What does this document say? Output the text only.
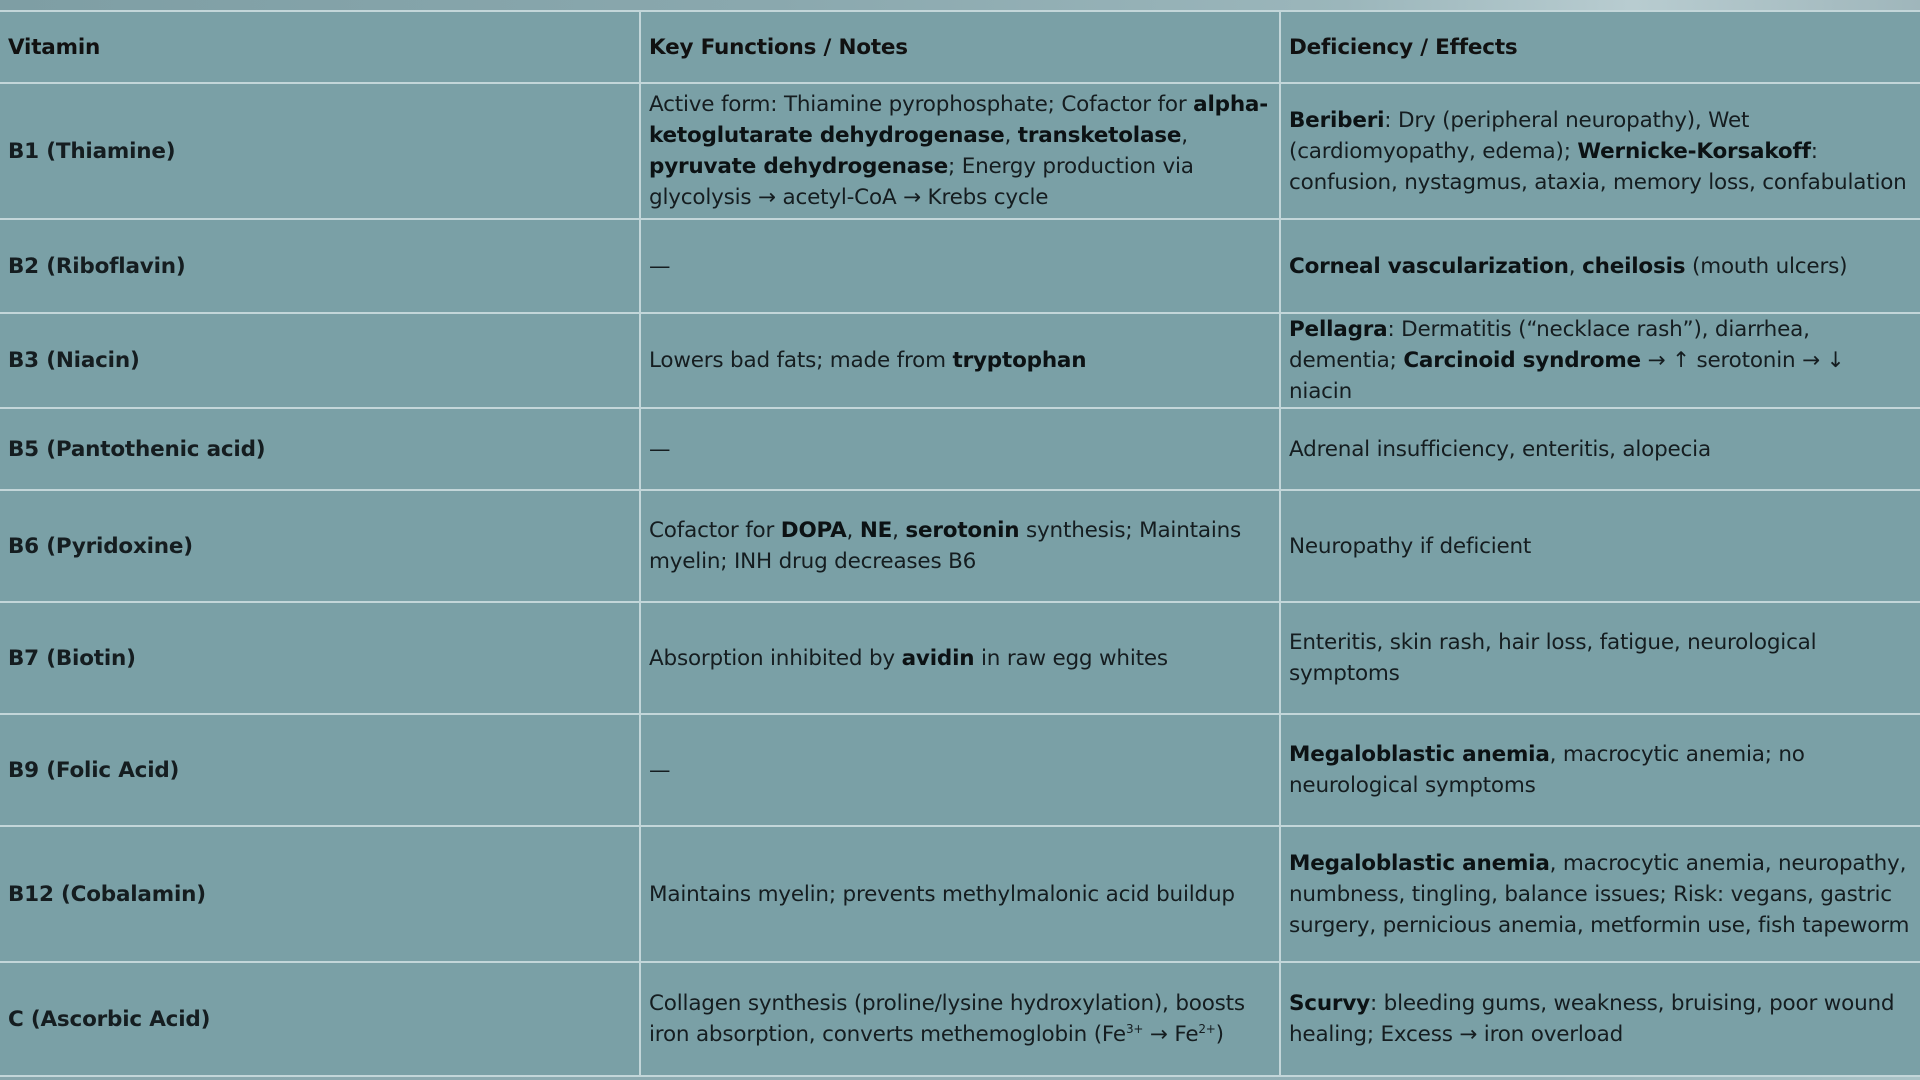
Vitamin	Key Functions / Notes	Deficiency / Effects
B1 (Thiamine)	Active form: Thiamine pyrophosphate; Cofactor for alpha-ketoglutarate dehydrogenase, transketolase, pyruvate dehydrogenase; Energy production via glycolysis → acetyl-CoA → Krebs cycle	Beriberi: Dry (peripheral neuropathy), Wet (cardiomyopathy, edema); Wernicke-Korsakoff: confusion, nystagmus, ataxia, memory loss, confabulation
B2 (Riboflavin)	—	Corneal vascularization, cheilosis (mouth ulcers)
B3 (Niacin)	Lowers bad fats; made from tryptophan	Pellagra: Dermatitis (“necklace rash”), diarrhea, dementia; Carcinoid syndrome → ↑ serotonin → ↓ niacin
B5 (Pantothenic acid)	—	Adrenal insufficiency, enteritis, alopecia
B6 (Pyridoxine)	Cofactor for DOPA, NE, serotonin synthesis; Maintains myelin; INH drug decreases B6	Neuropathy if deficient
B7 (Biotin)	Absorption inhibited by avidin in raw egg whites	Enteritis, skin rash, hair loss, fatigue, neurological symptoms
B9 (Folic Acid)	—	Megaloblastic anemia, macrocytic anemia; no neurological symptoms
B12 (Cobalamin)	Maintains myelin; prevents methylmalonic acid buildup	Megaloblastic anemia, macrocytic anemia, neuropathy, numbness, tingling, balance issues; Risk: vegans, gastric surgery, pernicious anemia, metformin use, fish tapeworm
C (Ascorbic Acid)	Collagen synthesis (proline/lysine hydroxylation), boosts iron absorption, converts methemoglobin $(Fe^{3+} \to Fe^{2+})$	Scurvy: bleeding gums, weakness, bruising, poor wound healing; Excess → iron overload
